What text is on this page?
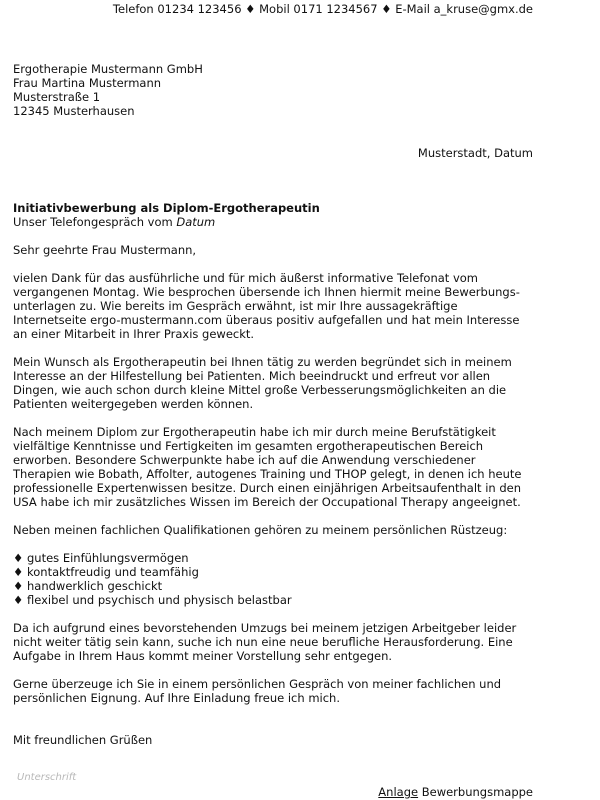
Telefon 01234 123456 ♦ Mobil 0171 1234567 ♦ E-Mail a_kruse@gmx.de
Ergotherapie Mustermann GmbH
Frau Martina Mustermann
Musterstraße 1
12345 Musterhausen
Musterstadt, Datum
Initiativbewerbung als Diplom-Ergotherapeutin
Unser Telefongespräch vom Datum
Sehr geehrte Frau Mustermann,
vielen Dank für das ausführliche und für mich äußerst informative Telefonat vom
vergangenen Montag. Wie besprochen übersende ich Ihnen hiermit meine Bewerbungs-
unterlagen zu. Wie bereits im Gespräch erwähnt, ist mir Ihre aussagekräftige
Internetseite ergo-mustermann.com überaus positiv aufgefallen und hat mein Interesse
an einer Mitarbeit in Ihrer Praxis geweckt.
Mein Wunsch als Ergotherapeutin bei Ihnen tätig zu werden begründet sich in meinem
Interesse an der Hilfestellung bei Patienten. Mich beeindruckt und erfreut vor allen
Dingen, wie auch schon durch kleine Mittel große Verbesserungsmöglichkeiten an die
Patienten weitergegeben werden können.
Nach meinem Diplom zur Ergotherapeutin habe ich mir durch meine Berufstätigkeit
vielfältige Kenntnisse und Fertigkeiten im gesamten ergotherapeutischen Bereich
erworben. Besondere Schwerpunkte habe ich auf die Anwendung verschiedener
Therapien wie Bobath, Affolter, autogenes Training und THOP gelegt, in denen ich heute
professionelle Expertenwissen besitze. Durch einen einjährigen Arbeitsaufenthalt in den
USA habe ich mir zusätzliches Wissen im Bereich der Occupational Therapy angeeignet.
Neben meinen fachlichen Qualifikationen gehören zu meinem persönlichen Rüstzeug:
♦ gutes Einfühlungsvermögen
♦ kontaktfreudig und teamfähig
♦ handwerklich geschickt
♦ flexibel und psychisch und physisch belastbar
Da ich aufgrund eines bevorstehenden Umzugs bei meinem jetzigen Arbeitgeber leider
nicht weiter tätig sein kann, suche ich nun eine neue berufliche Herausforderung. Eine
Aufgabe in Ihrem Haus kommt meiner Vorstellung sehr entgegen.
Gerne überzeuge ich Sie in einem persönlichen Gespräch von meiner fachlichen und
persönlichen Eignung. Auf Ihre Einladung freue ich mich.
Mit freundlichen Grüßen
Unterschrift
Anlage Bewerbungsmappe
